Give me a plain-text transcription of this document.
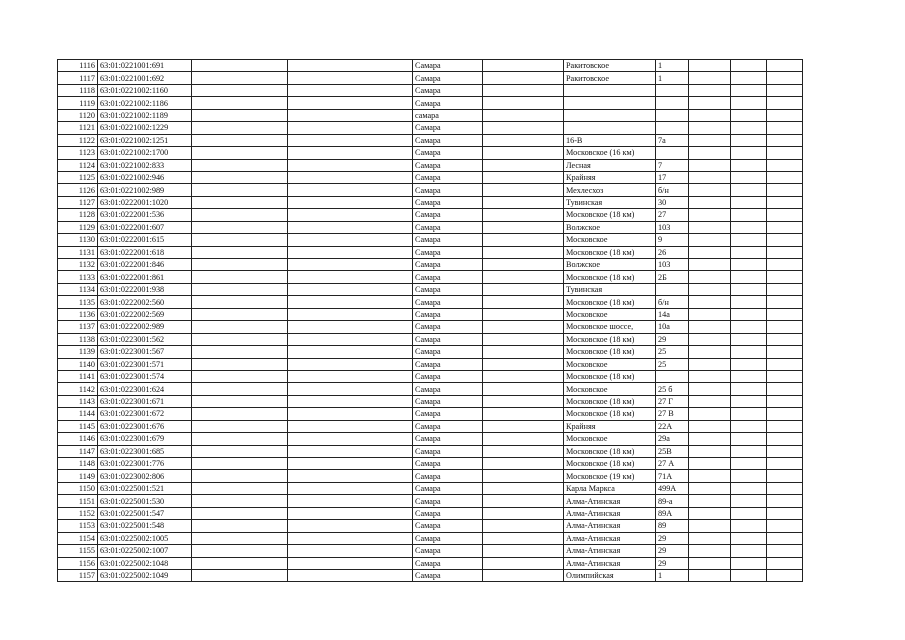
1116	63:01:0221001:691			Самара		Ракитовское	1			
1117	63:01:0221001:692			Самара		Ракитовское	1			
1118	63:01:0221002:1160			Самара						
1119	63:01:0221002:1186			Самара						
1120	63:01:0221002:1189			самара						
1121	63:01:0221002:1229			Самара						
1122	63:01:0221002:1251			Самара		16-В	7а			
1123	63:01:0221002:1700			Самара		Московское (16 км)				
1124	63:01:0221002:833			Самара		Лесная	7			
1125	63:01:0221002:946			Самара		Крайняя	17			
1126	63:01:0221002:989			Самара		Мехлесхоз	б/н			
1127	63:01:0222001:1020			Самара		Тувинская	30			
1128	63:01:0222001:536			Самара		Московское (18 км)	27			
1129	63:01:0222001:607			Самара		Волжское	103			
1130	63:01:0222001:615			Самара		Московское	9			
1131	63:01:0222001:618			Самара		Московское (18 км)	26			
1132	63:01:0222001:846			Самара		Волжское	103			
1133	63:01:0222001:861			Самара		Московское (18 км)	2Б			
1134	63:01:0222001:938			Самара		Тувинская				
1135	63:01:0222002:560			Самара		Московское (18 км)	б/н			
1136	63:01:0222002:569			Самара		Московское	14а			
1137	63:01:0222002:989			Самара		Московское шоссе,	10а			
1138	63:01:0223001:562			Самара		Московское (18 км)	29			
1139	63:01:0223001:567			Самара		Московское (18 км)	25			
1140	63:01:0223001:571			Самара		Московское	25			
1141	63:01:0223001:574			Самара		Московское (18 км)				
1142	63:01:0223001:624			Самара		Московское	25 б			
1143	63:01:0223001:671			Самара		Московское (18 км)	27 Г			
1144	63:01:0223001:672			Самара		Московское (18 км)	27 В			
1145	63:01:0223001:676			Самара		Крайняя	22А			
1146	63:01:0223001:679			Самара		Московское	29а			
1147	63:01:0223001:685			Самара		Московское (18 км)	25В			
1148	63:01:0223001:776			Самара		Московское (18 км)	27 А			
1149	63:01:0223002:806			Самара		Московское (19 км)	71А			
1150	63:01:0225001:521			Самара		Карла Маркса	499А			
1151	63:01:0225001:530			Самара		Алма-Атинская	89-а			
1152	63:01:0225001:547			Самара		Алма-Атинская	89А			
1153	63:01:0225001:548			Самара		Алма-Атинская	89			
1154	63:01:0225002:1005			Самара		Алма-Атинская	29			
1155	63:01:0225002:1007			Самара		Алма-Атинская	29			
1156	63:01:0225002:1048			Самара		Алма-Атинская	29			
1157	63:01:0225002:1049			Самара		Олимпийская	1			
